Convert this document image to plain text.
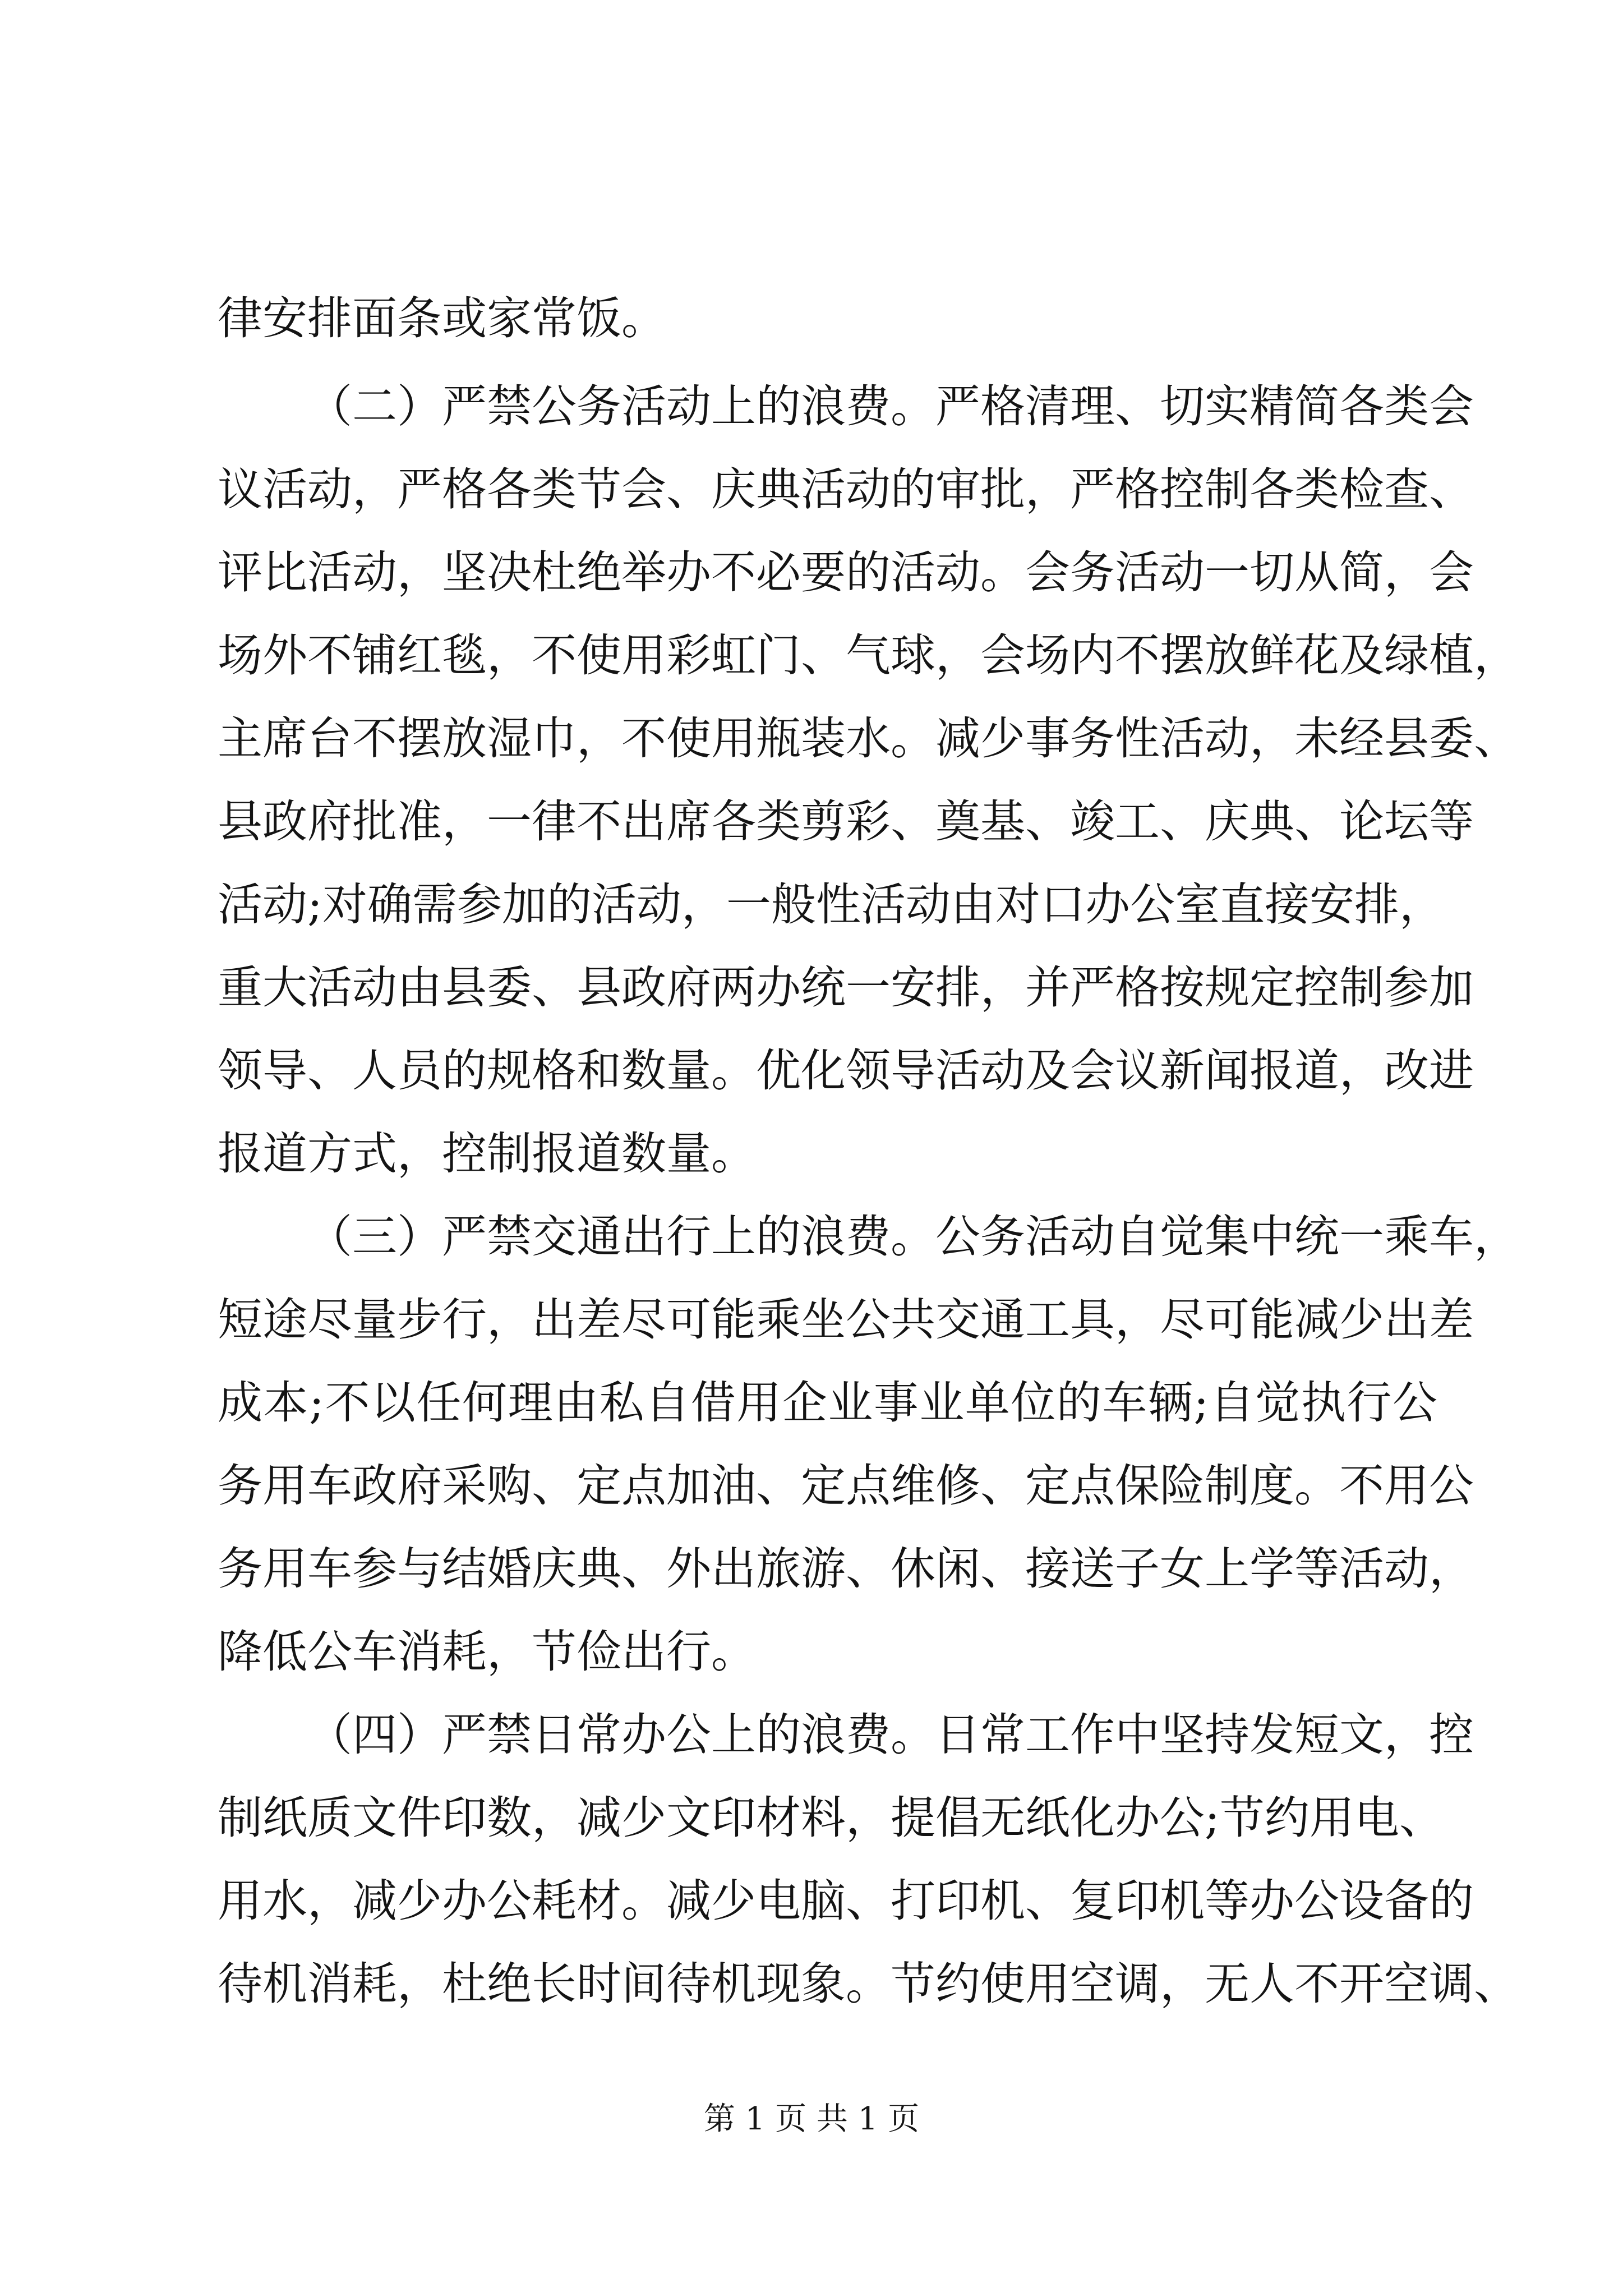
律安排面条或家常饭。

（二）严禁公务活动上的浪费。严格清理、切实精简各类会

议活动，严格各类节会、庆典活动的审批，严格控制各类检查、

评比活动，坚决杜绝举办不必要的活动。会务活动一切从简，会

场外不铺红毯，不使用彩虹门、气球，会场内不摆放鲜花及绿植，

主席台不摆放湿巾，不使用瓶装水。减少事务性活动，未经县委、

县政府批准，一律不出席各类剪彩、奠基、竣工、庆典、论坛等

活动;对确需参加的活动，一般性活动由对口办公室直接安排，

重大活动由县委、县政府两办统一安排，并严格按规定控制参加

领导、人员的规格和数量。优化领导活动及会议新闻报道，改进

报道方式，控制报道数量。

（三）严禁交通出行上的浪费。公务活动自觉集中统一乘车，

短途尽量步行，出差尽可能乘坐公共交通工具，尽可能减少出差

成本;不以任何理由私自借用企业事业单位的车辆;自觉执行公

务用车政府采购、定点加油、定点维修、定点保险制度。不用公

务用车参与结婚庆典、外出旅游、休闲、接送子女上学等活动，

降低公车消耗，节俭出行。

（四）严禁日常办公上的浪费。日常工作中坚持发短文，控

制纸质文件印数，减少文印材料，提倡无纸化办公;节约用电、

用水，减少办公耗材。减少电脑、打印机、复印机等办公设备的

待机消耗，杜绝长时间待机现象。节约使用空调，无人不开空调、

第 1 页 共 1 页
